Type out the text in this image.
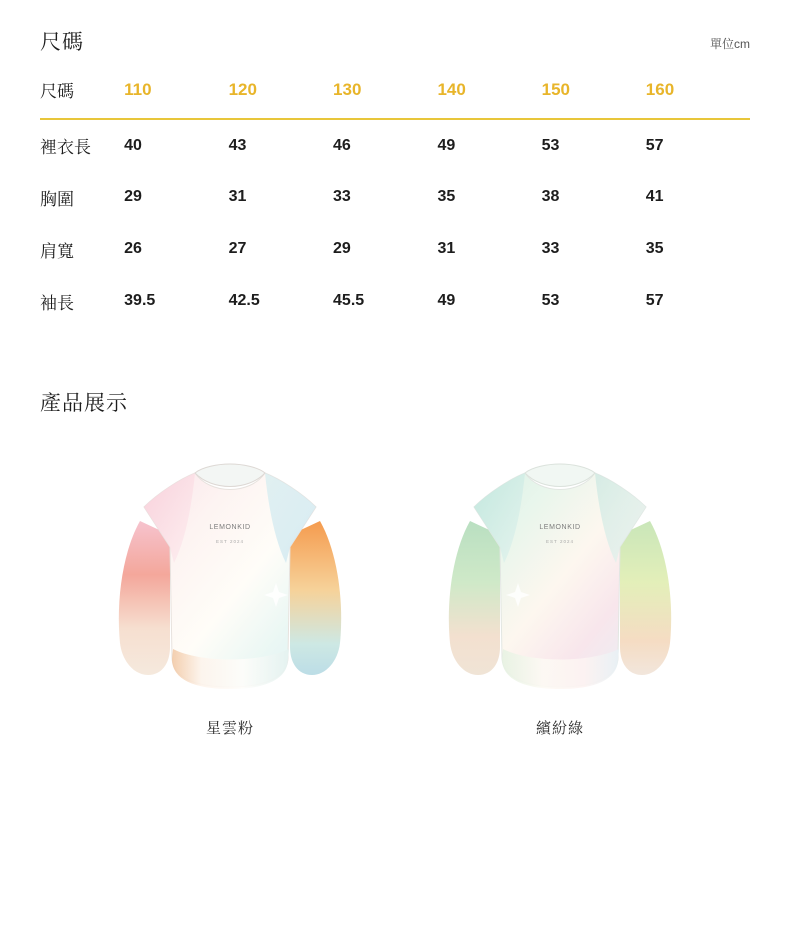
尺碼	單位cm
尺碼	110	120	130	140	150	160
裡衣長	40	43	46	49	53	57
胸圍	29	31	33	35	38	41
肩寬	26	27	29	31	33	35
袖長	39.5	42.5	45.5	49	53	57
產品展示
LEMONKID
EST 2024
星雲粉
LEMONKID
EST 2024
繽紛綠
